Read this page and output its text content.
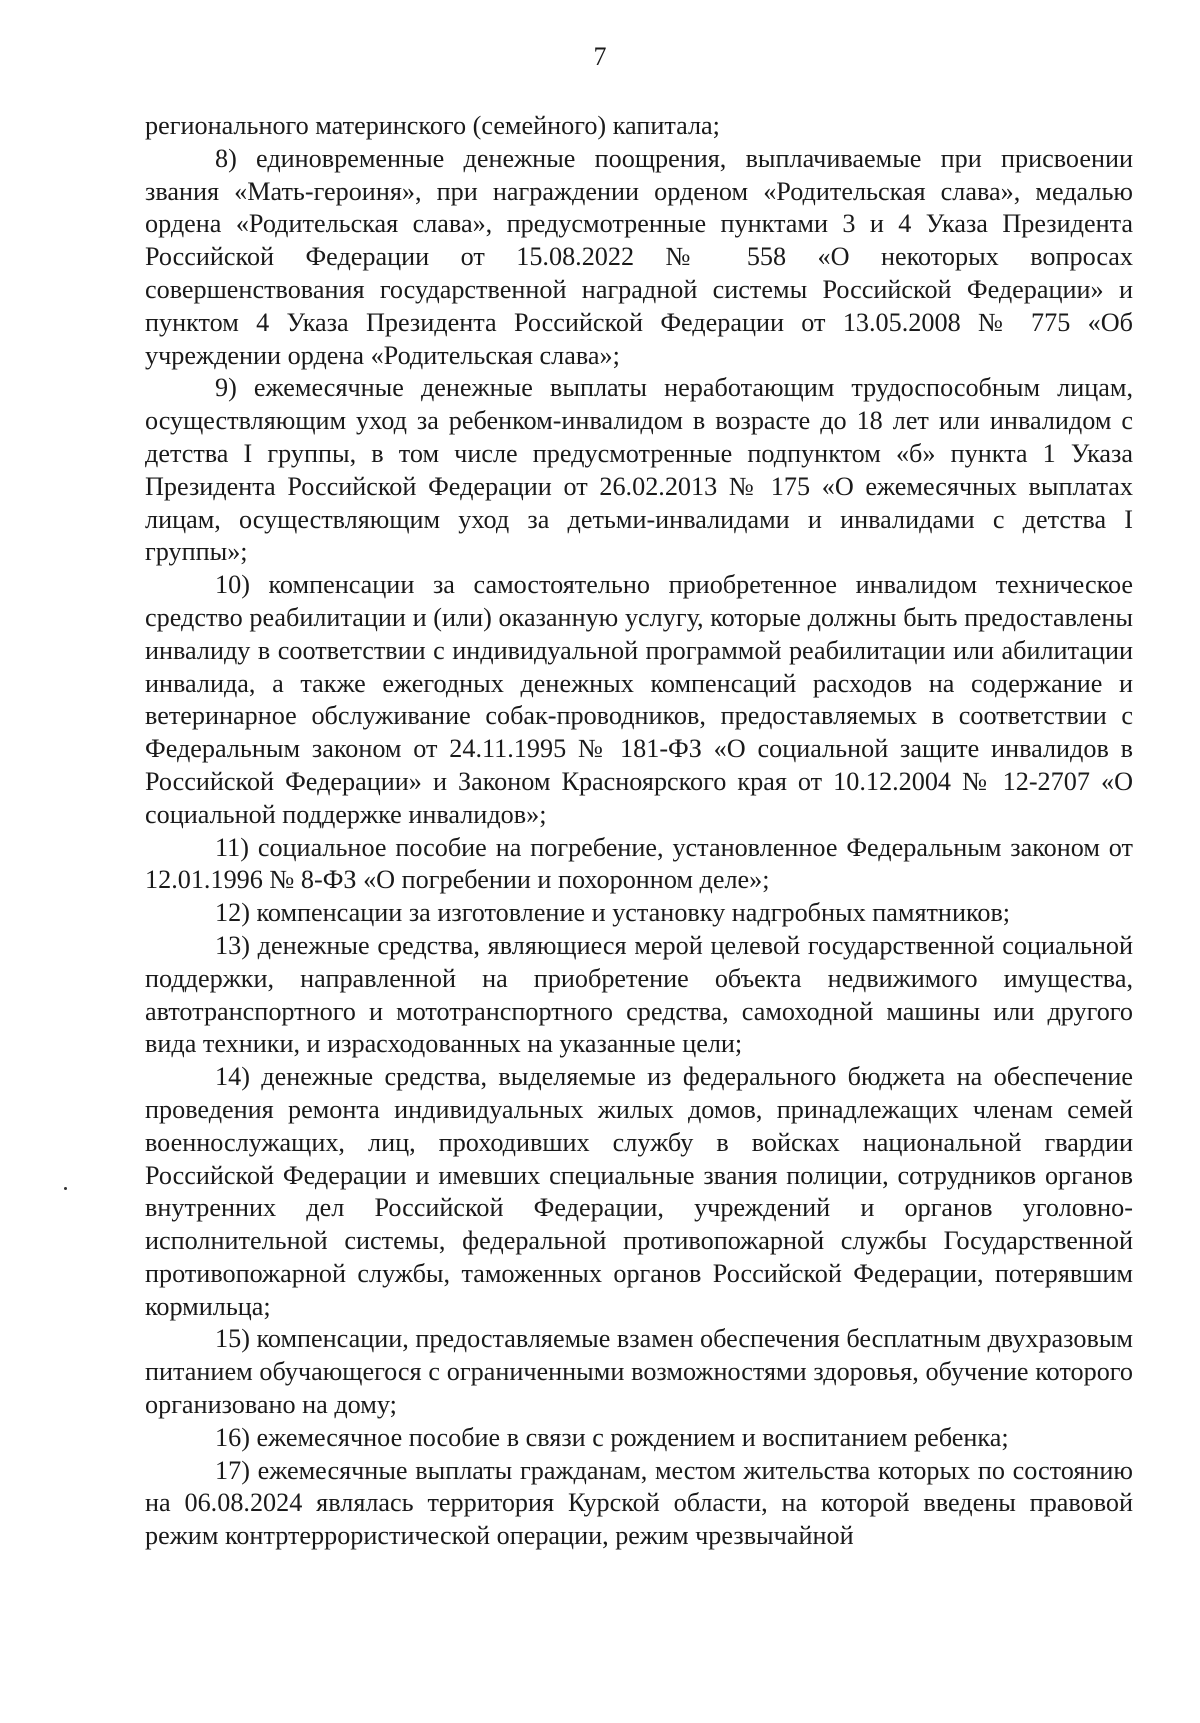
7

регионального материнского (семейного) капитала;

8) единовременные денежные поощрения, выплачиваемые при присвоении звания «Мать-героиня», при награждении орденом «Родительская слава», медалью ордена «Родительская слава», предусмотренные пунктами 3 и 4 Указа Президента Российской Федерации от 15.08.2022 № 558 «О некоторых вопросах совершенствования государственной наградной системы Российской Федерации» и пунктом 4 Указа Президента Российской Федерации от 13.05.2008 № 775 «Об учреждении ордена «Родительская слава»;

9) ежемесячные денежные выплаты неработающим трудоспособным лицам, осуществляющим уход за ребенком-инвалидом в возрасте до 18 лет или инвалидом с детства I группы, в том числе предусмотренные подпунктом «б» пункта 1 Указа Президента Российской Федерации от 26.02.2013 № 175 «О ежемесячных выплатах лицам, осуществляющим уход за детьми-инвалидами и инвалидами с детства I группы»;

10) компенсации за самостоятельно приобретенное инвалидом техническое средство реабилитации и (или) оказанную услугу, которые должны быть предоставлены инвалиду в соответствии с индивидуальной программой реабилитации или абилитации инвалида, а также ежегодных денежных компенсаций расходов на содержание и ветеринарное обслуживание собак-проводников, предоставляемых в соответствии с Федеральным законом от 24.11.1995 № 181-ФЗ «О социальной защите инвалидов в Российской Федерации» и Законом Красноярского края от 10.12.2004 № 12-2707 «О социальной поддержке инвалидов»;

11) социальное пособие на погребение, установленное Федеральным законом от 12.01.1996 № 8-ФЗ «О погребении и похоронном деле»;

12) компенсации за изготовление и установку надгробных памятников;

13) денежные средства, являющиеся мерой целевой государственной социальной поддержки, направленной на приобретение объекта недвижимого имущества, автотранспортного и мототранспортного средства, самоходной машины или другого вида техники, и израсходованных на указанные цели;

14) денежные средства, выделяемые из федерального бюджета на обеспечение проведения ремонта индивидуальных жилых домов, принадлежащих членам семей военнослужащих, лиц, проходивших службу в войсках национальной гвардии Российской Федерации и имевших специальные звания полиции, сотрудников органов внутренних дел Российской Федерации, учреждений и органов уголовно-исполнительной системы, федеральной противопожарной службы Государственной противопожарной службы, таможенных органов Российской Федерации, потерявшим кормильца;

15) компенсации, предоставляемые взамен обеспечения бесплатным двухразовым питанием обучающегося с ограниченными возможностями здоровья, обучение которого организовано на дому;

16) ежемесячное пособие в связи с рождением и воспитанием ребенка;

17) ежемесячные выплаты гражданам, местом жительства которых по состоянию на 06.08.2024 являлась территория Курской области, на которой введены правовой режим контртеррористической операции, режим чрезвычайной
